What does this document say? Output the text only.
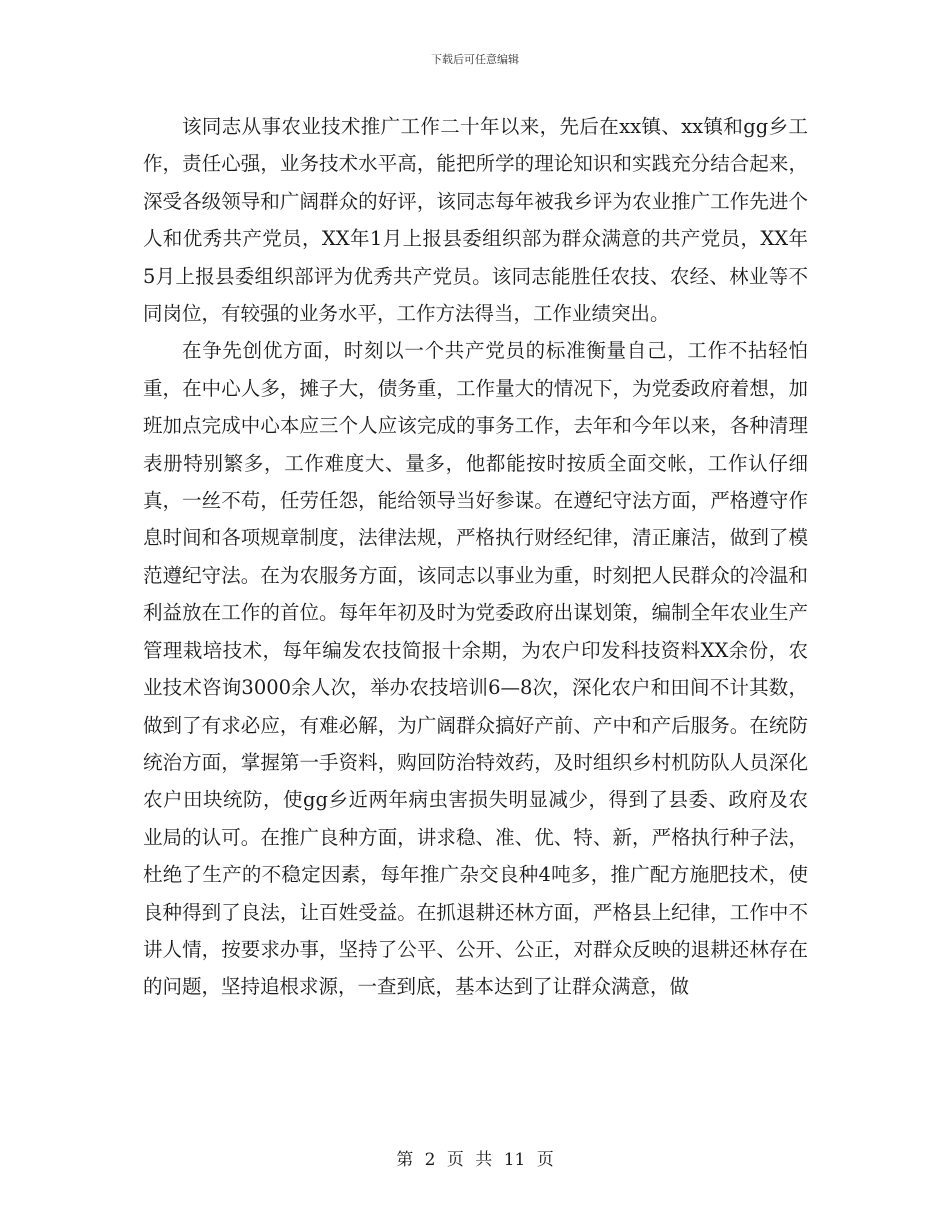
下载后可任意编辑

该同志从事农业技术推广工作二十年以来，先后在xx镇、xx镇和gg乡工作，责任心强，业务技术水平高，能把所学的理论知识和实践充分结合起来，深受各级领导和广阔群众的好评，该同志每年被我乡评为农业推广工作先进个人和优秀共产党员，XX年1月上报县委组织部为群众满意的共产党员，XX年5月上报县委组织部评为优秀共产党员。该同志能胜任农技、农经、林业等不同岗位，有较强的业务水平，工作方法得当，工作业绩突出。

在争先创优方面，时刻以一个共产党员的标准衡量自己，工作不拈轻怕重，在中心人多，摊子大，债务重，工作量大的情况下，为党委政府着想，加班加点完成中心本应三个人应该完成的事务工作，去年和今年以来，各种清理表册特别繁多，工作难度大、量多，他都能按时按质全面交帐，工作认仔细真，一丝不苟，任劳任怨，能给领导当好参谋。在遵纪守法方面，严格遵守作息时间和各项规章制度，法律法规，严格执行财经纪律，清正廉洁，做到了模范遵纪守法。在为农服务方面，该同志以事业为重，时刻把人民群众的冷温和利益放在工作的首位。每年年初及时为党委政府出谋划策，编制全年农业生产管理栽培技术，每年编发农技简报十余期，为农户印发科技资料XX余份，农业技术咨询3000余人次，举办农技培训6—8次，深化农户和田间不计其数，做到了有求必应，有难必解，为广阔群众搞好产前、产中和产后服务。在统防统治方面，掌握第一手资料，购回防治特效药，及时组织乡村机防队人员深化农户田块统防，使gg乡近两年病虫害损失明显减少，得到了县委、政府及农业局的认可。在推广良种方面，讲求稳、准、优、特、新，严格执行种子法，杜绝了生产的不稳定因素，每年推广杂交良种4吨多，推广配方施肥技术，使良种得到了良法，让百姓受益。在抓退耕还林方面，严格县上纪律，工作中不讲人情，按要求办事，坚持了公平、公开、公正，对群众反映的退耕还林存在的问题，坚持追根求源，一查到底，基本达到了让群众满意，做

第 2 页 共 11 页
